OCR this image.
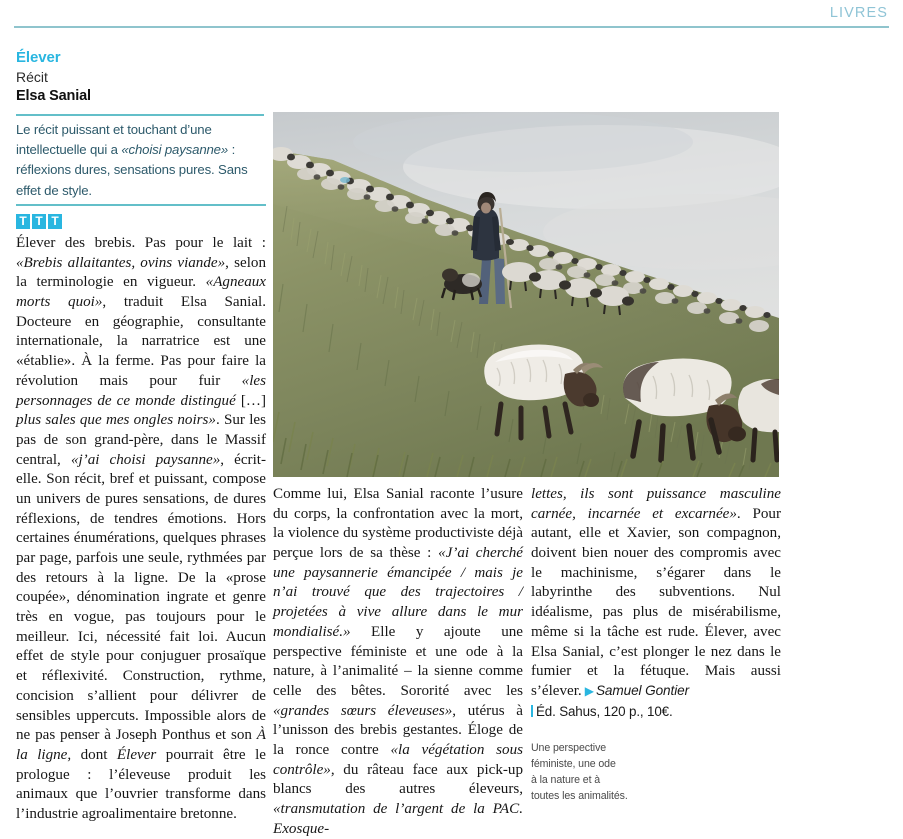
LIVRES
Élever
Récit
Elsa Sanial
Le récit puissant et touchant d’une intellectuelle qui a «choisi paysanne» : réflexions dures, sensations pures. Sans effet de style.
T T T

Élever des brebis. Pas pour le lait : «Brebis allaitantes, ovins viande», selon la terminologie en vigueur. «Agneaux morts quoi», traduit Elsa Sanial. Docteure en géographie, consultante internationale, la narratrice est une «établie». À la ferme. Pas pour faire la révolution mais pour fuir «les personnages de ce monde distingué […] plus sales que mes ongles noirs». Sur les pas de son grand-père, dans le Massif central, «j’ai choisi paysanne», écrit-elle. Son récit, bref et puissant, compose un univers de pures sensations, de dures réflexions, de tendres émotions. Hors certaines énumérations, quelques phrases par page, parfois une seule, rythmées par des retours à la ligne. De la «prose coupée», dénomination ingrate et genre très en vogue, pas toujours pour le meilleur. Ici, nécessité fait loi. Aucun effet de style pour conjuguer prosaïque et réflexivité. Construction, rythme, concision s’allient pour délivrer de sensibles uppercuts. Impossible alors de ne pas penser à Joseph Ponthus et son À la ligne, dont Élever pourrait être le prologue : l’éleveuse produit les animaux que l’ouvrier transforme dans l’industrie agroalimentaire bretonne.

Comme lui, Elsa Sanial raconte l’usure du corps, la confrontation avec la mort, la violence du système productiviste déjà perçue lors de sa thèse : «J’ai cherché une paysannerie émancipée / mais je n’ai trouvé que des trajectoires / projetées à vive allure dans le mur mondialisé.» Elle y ajoute une perspective féministe et une ode à la nature, à l’animalité – la sienne comme celle des bêtes. Sororité avec les «grandes sœurs éleveuses», utérus à l’unisson des brebis gestantes. Éloge de la ronce contre «la végétation sous contrôle», du râteau face aux pick-up blancs des autres éleveurs, «transmutation de l’argent de la PAC. Exosque-

lettes, ils sont puissance masculine carnée, incarnée et excarnée». Pour autant, elle et Xavier, son compagnon, doivent bien nouer des compromis avec le machinisme, s’égarer dans le labyrinthe des subventions. Nul idéalisme, pas plus de misérabilisme, même si la tâche est rude. Élever, avec Elsa Sanial, c’est plonger le nez dans le fumier et la fétuque. Mais aussi s’élever. ▶ Samuel Gontier

Éd. Sahus, 120 p., 10€.
Une perspective
féministe, une ode
à la nature et à
toutes les animalités.
